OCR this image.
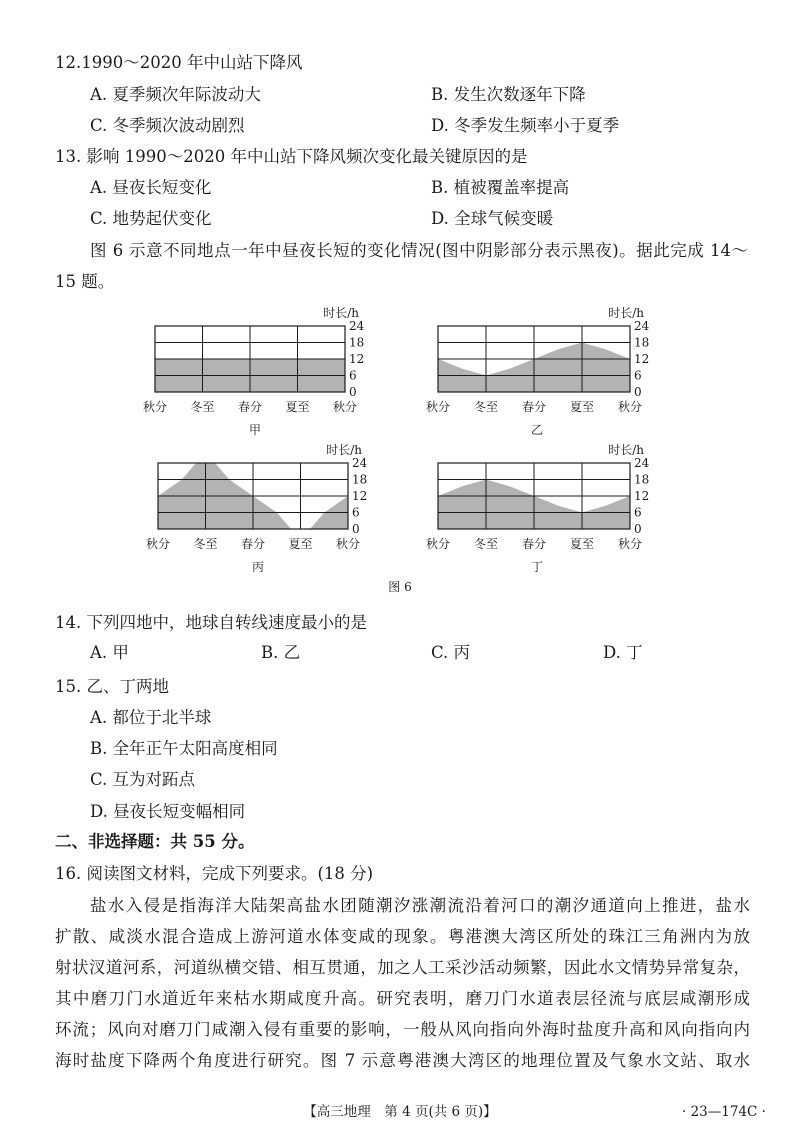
12.1990～2020 年中山站下降风
A. 夏季频次年际波动大	B. 发生次数逐年下降
C. 冬季频次波动剧烈	D. 冬季发生频率小于夏季
13. 影响 1990～2020 年中山站下降风频次变化最关键原因的是
A. 昼夜长短变化	B. 植被覆盖率提高
C. 地势起伏变化	D. 全球气候变暖
图 6 示意不同地点一年中昼夜长短的变化情况(图中阴影部分表示黑夜)。据此完成 14～
15 题。
24
18
12
6
0
时长/h
秋分 冬至 春分 夏至 秋分
甲
24
18
12
6
0
时长/h
秋分 冬至 春分 夏至 秋分
乙
24
18
12
6
0
时长/h
秋分 冬至 春分 夏至 秋分
丙
24
18
12
6
0
时长/h
秋分 冬至 春分 夏至 秋分
丁
图 6
14. 下列四地中，地球自转线速度最小的是
A. 甲	B. 乙	C. 丙	D. 丁
15. 乙、丁两地
A. 都位于北半球
B. 全年正午太阳高度相同
C. 互为对跖点
D. 昼夜长短变幅相同
二、非选择题：共 55 分。
16. 阅读图文材料，完成下列要求。(18 分)
盐水入侵是指海洋大陆架高盐水团随潮汐涨潮流沿着河口的潮汐通道向上推进，盐水
扩散、咸淡水混合造成上游河道水体变咸的现象。粤港澳大湾区所处的珠江三角洲内为放
射状汊道河系，河道纵横交错、相互贯通，加之人工采沙活动频繁，因此水文情势异常复杂，
其中磨刀门水道近年来枯水期咸度升高。研究表明，磨刀门水道表层径流与底层咸潮形成
环流；风向对磨刀门咸潮入侵有重要的影响，一般从风向指向外海时盐度升高和风向指向内
海时盐度下降两个角度进行研究。图 7 示意粤港澳大湾区的地理位置及气象水文站、取水
【高三地理　第 4 页(共 6 页)】	· 23—174C ·
